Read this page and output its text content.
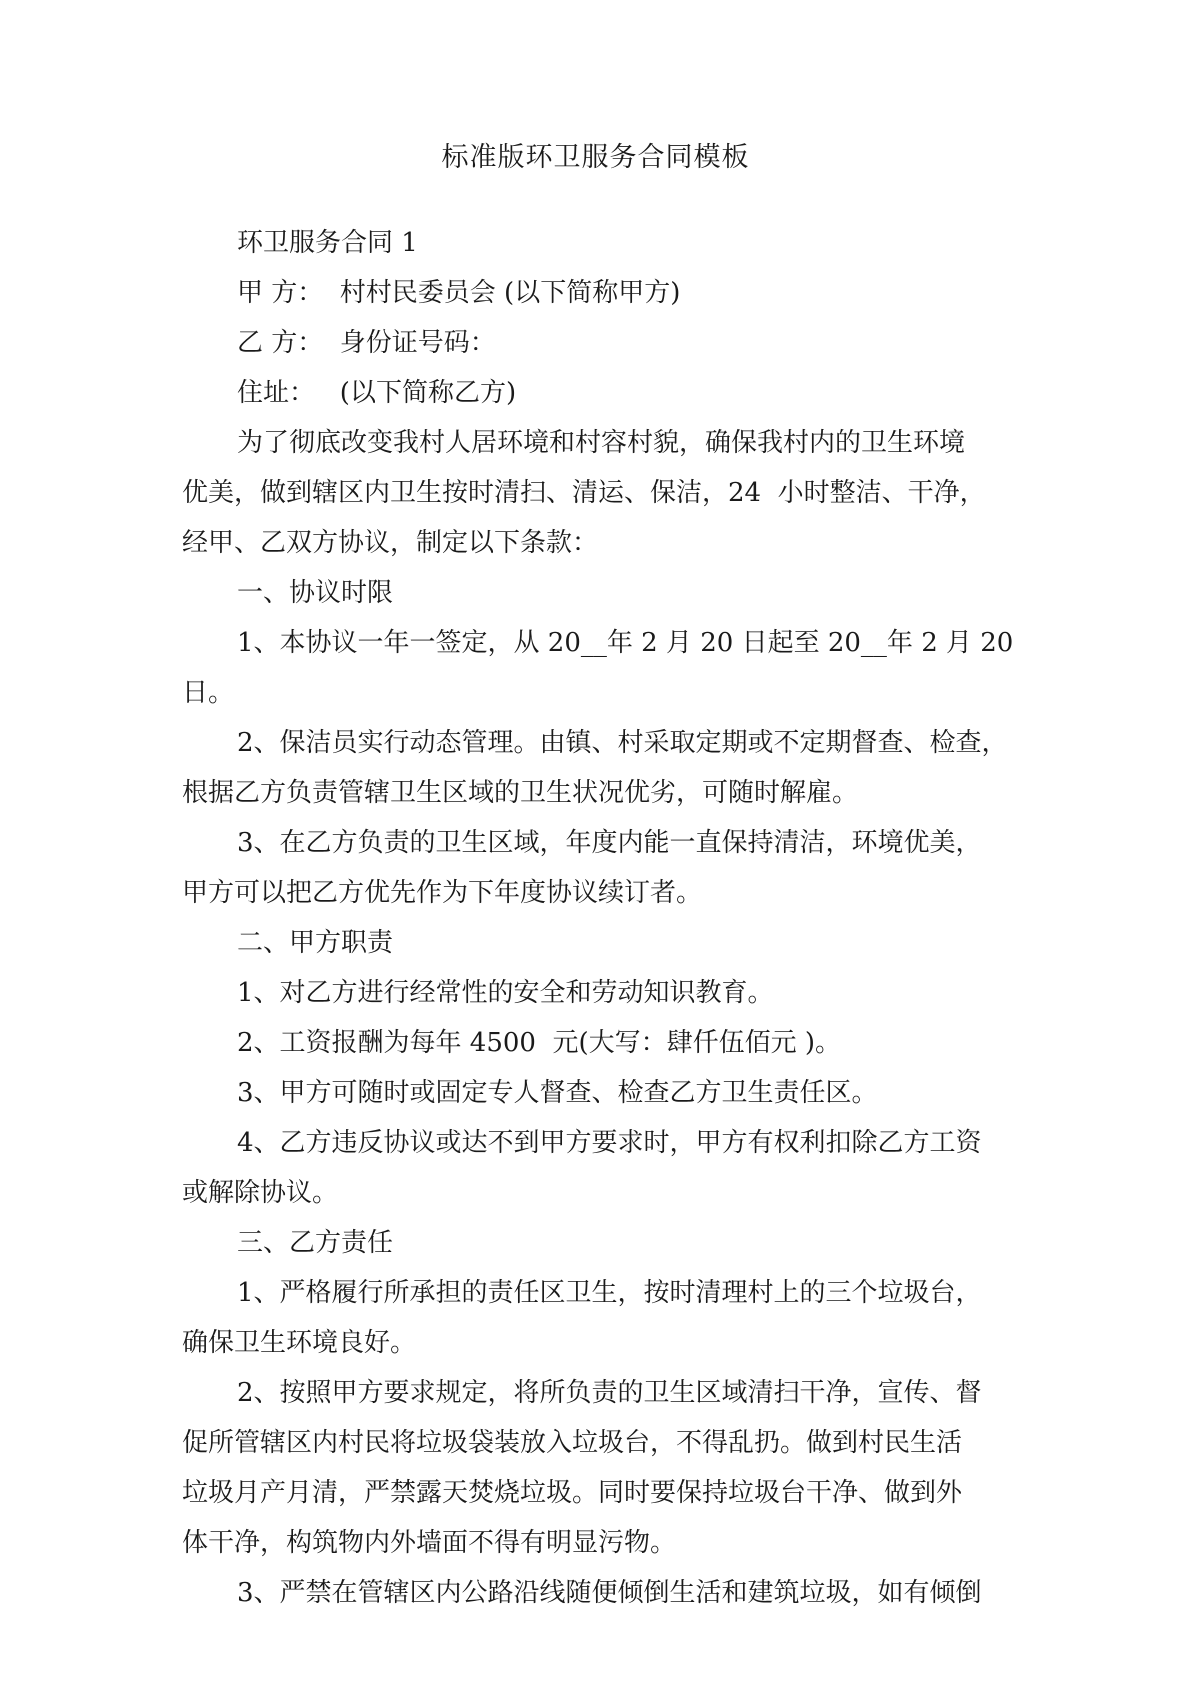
标准版环卫服务合同模板

环卫服务合同 1

甲 方：  村村民委员会 (以下简称甲方)

乙 方：  身份证号码：

住址：   (以下简称乙方)

为了彻底改变我村人居环境和村容村貌，确保我村内的卫生环境

优美，做到辖区内卫生按时清扫、清运、保洁，24  小时整洁、干净，

经甲、乙双方协议，制定以下条款：

一、协议时限

1、本协议一年一签定，从 20__年 2 月 20 日起至 20__年 2 月 20

日。

2、保洁员实行动态管理。由镇、村采取定期或不定期督查、检查，

根据乙方负责管辖卫生区域的卫生状况优劣，可随时解雇。

3、在乙方负责的卫生区域，年度内能一直保持清洁，环境优美，

甲方可以把乙方优先作为下年度协议续订者。

二、甲方职责

1、对乙方进行经常性的安全和劳动知识教育。

2、工资报酬为每年 4500  元(大写：肆仟伍佰元 )。

3、甲方可随时或固定专人督查、检查乙方卫生责任区。

4、乙方违反协议或达不到甲方要求时，甲方有权利扣除乙方工资

或解除协议。

三、乙方责任

1、严格履行所承担的责任区卫生，按时清理村上的三个垃圾台，

确保卫生环境良好。

2、按照甲方要求规定，将所负责的卫生区域清扫干净，宣传、督

促所管辖区内村民将垃圾袋装放入垃圾台，不得乱扔。做到村民生活

垃圾月产月清，严禁露天焚烧垃圾。同时要保持垃圾台干净、做到外

体干净，构筑物内外墙面不得有明显污物。

3、严禁在管辖区内公路沿线随便倾倒生活和建筑垃圾，如有倾倒
